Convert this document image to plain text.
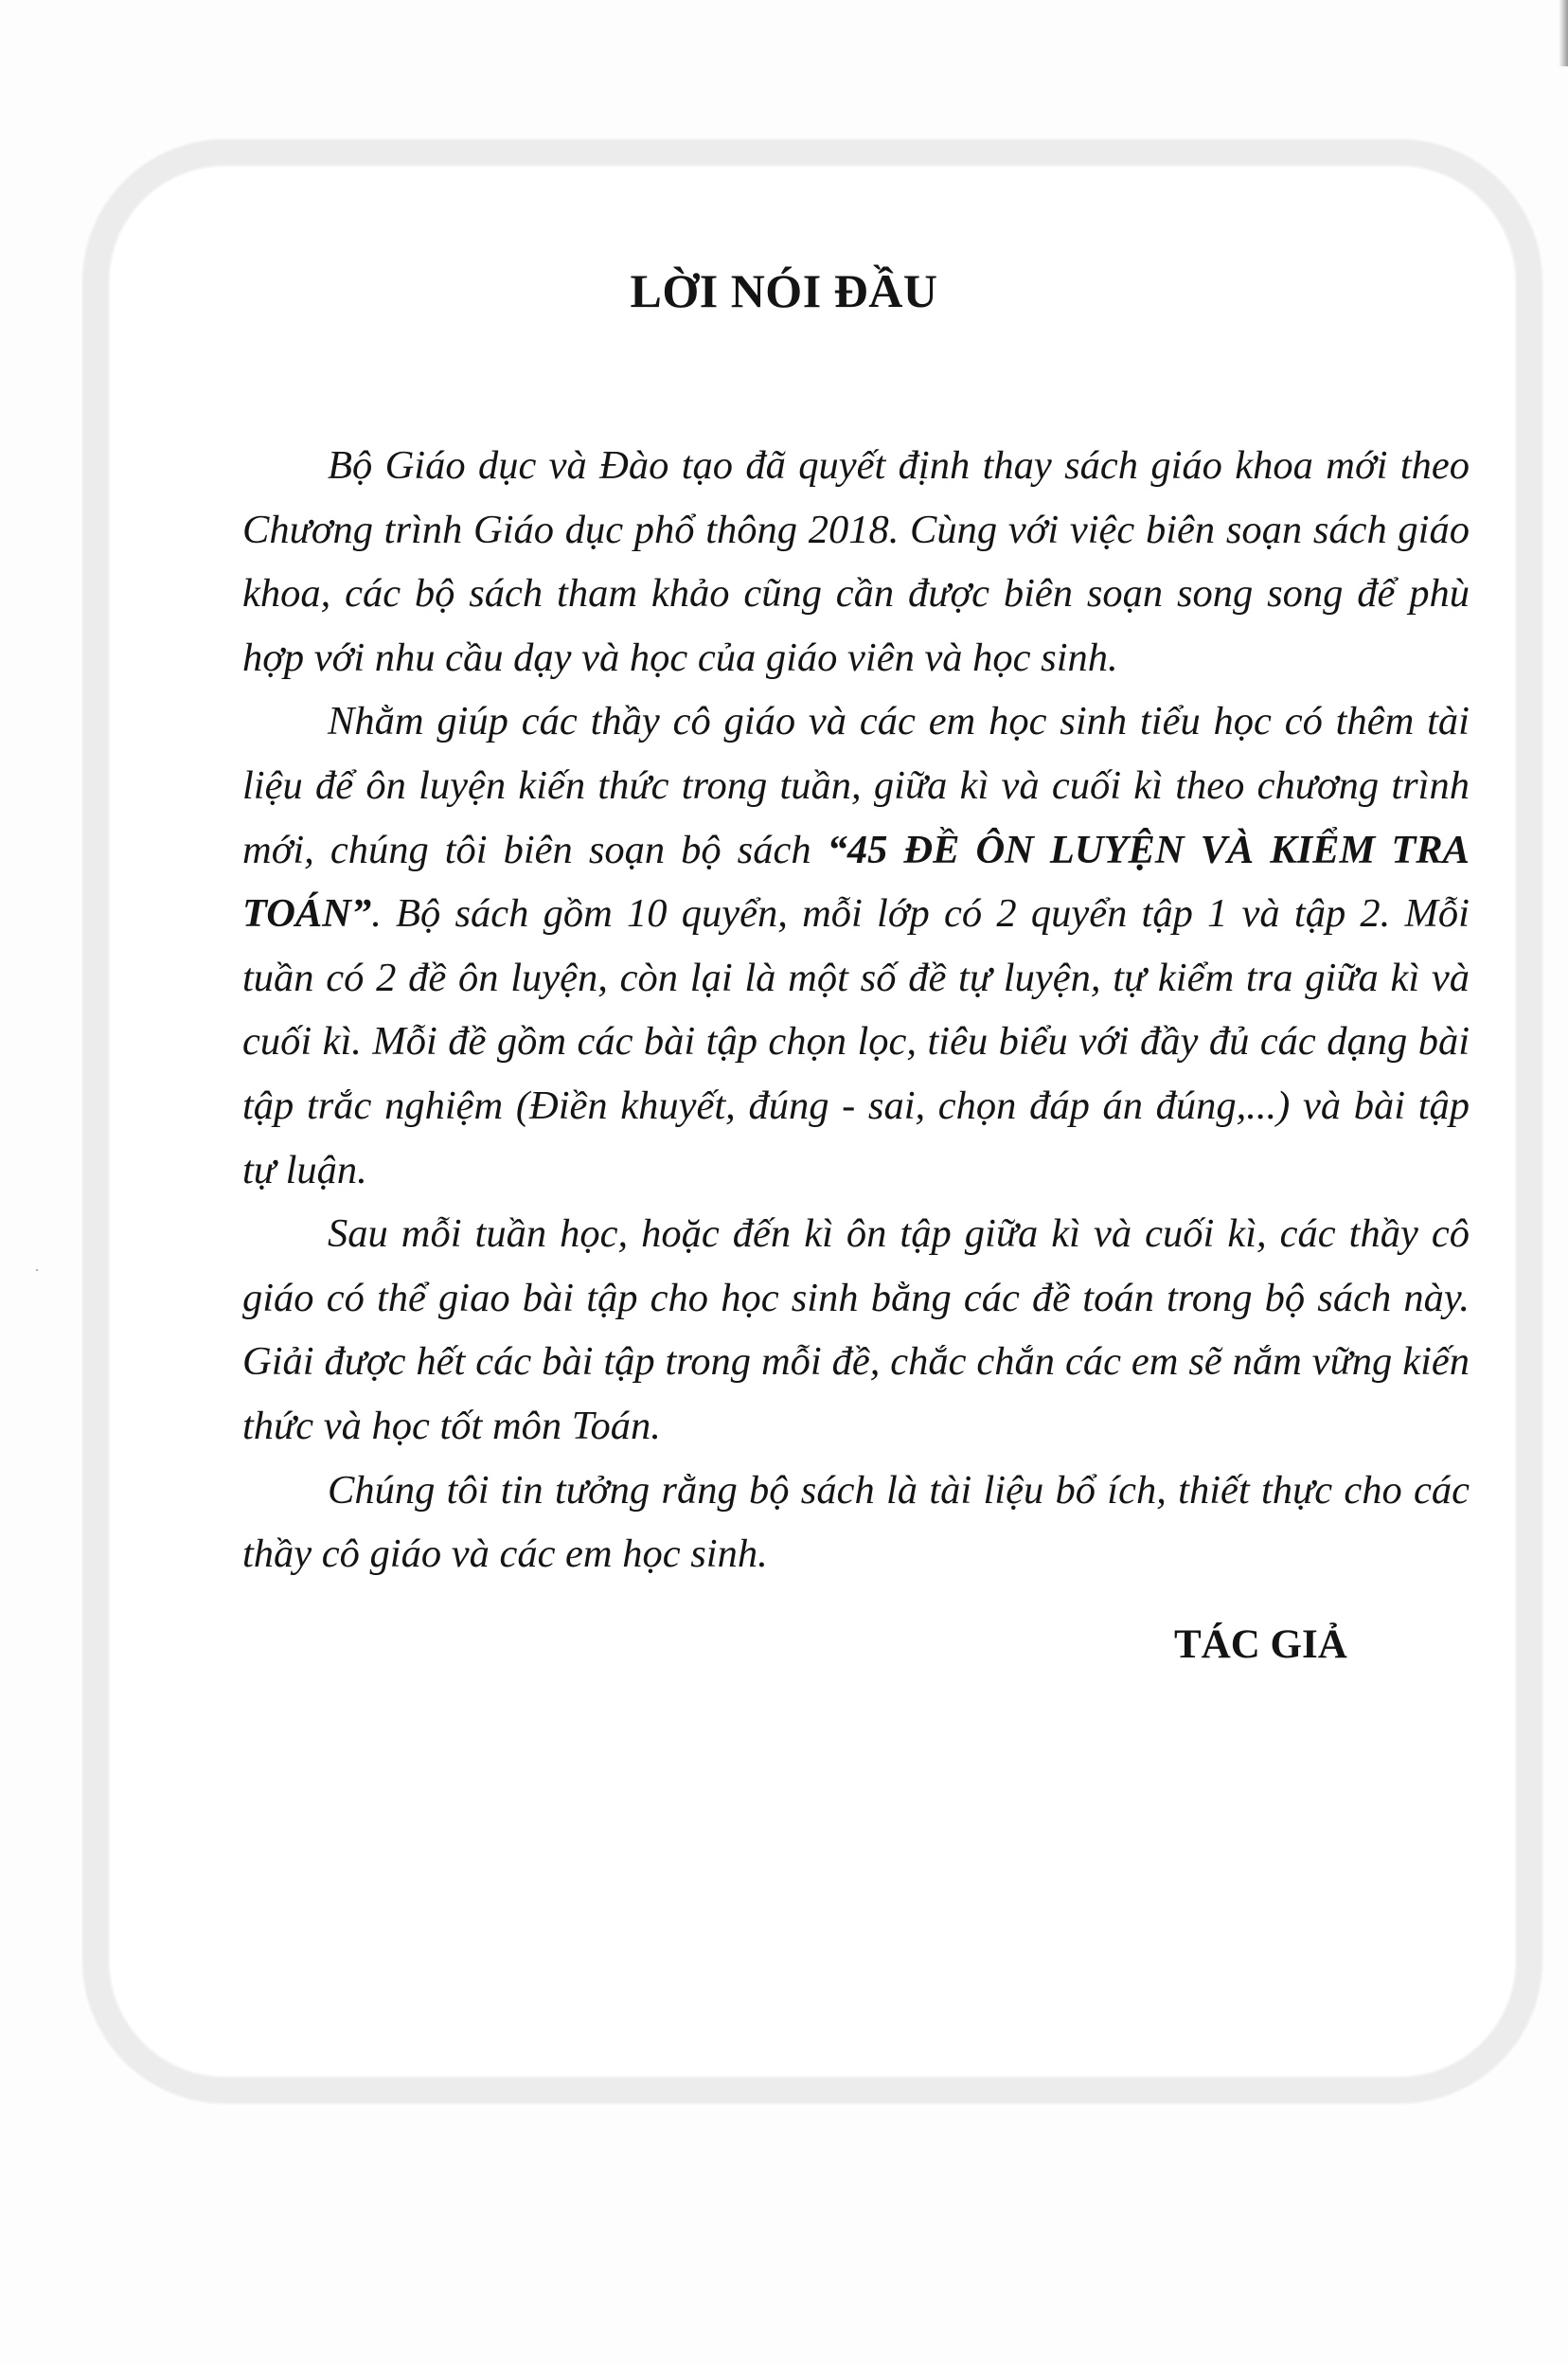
LỜI NÓI ĐẦU

Bộ Giáo dục và Đào tạo đã quyết định thay sách giáo khoa mới theo Chương trình Giáo dục phổ thông 2018. Cùng với việc biên soạn sách giáo khoa, các bộ sách tham khảo cũng cần được biên soạn song song để phù hợp với nhu cầu dạy và học của giáo viên và học sinh.

Nhằm giúp các thầy cô giáo và các em học sinh tiểu học có thêm tài liệu để ôn luyện kiến thức trong tuần, giữa kì và cuối kì theo chương trình mới, chúng tôi biên soạn bộ sách “45 ĐỀ ÔN LUYỆN VÀ KIỂM TRA TOÁN”. Bộ sách gồm 10 quyển, mỗi lớp có 2 quyển tập 1 và tập 2. Mỗi tuần có 2 đề ôn luyện, còn lại là một số đề tự luyện, tự kiểm tra giữa kì và cuối kì. Mỗi đề gồm các bài tập chọn lọc, tiêu biểu với đầy đủ các dạng bài tập trắc nghiệm (Điền khuyết, đúng - sai, chọn đáp án đúng,...) và bài tập tự luận.

Sau mỗi tuần học, hoặc đến kì ôn tập giữa kì và cuối kì, các thầy cô giáo có thể giao bài tập cho học sinh bằng các đề toán trong bộ sách này. Giải được hết các bài tập trong mỗi đề, chắc chắn các em sẽ nắm vững kiến thức và học tốt môn Toán.

Chúng tôi tin tưởng rằng bộ sách là tài liệu bổ ích, thiết thực cho các thầy cô giáo và các em học sinh.

TÁC GIẢ
